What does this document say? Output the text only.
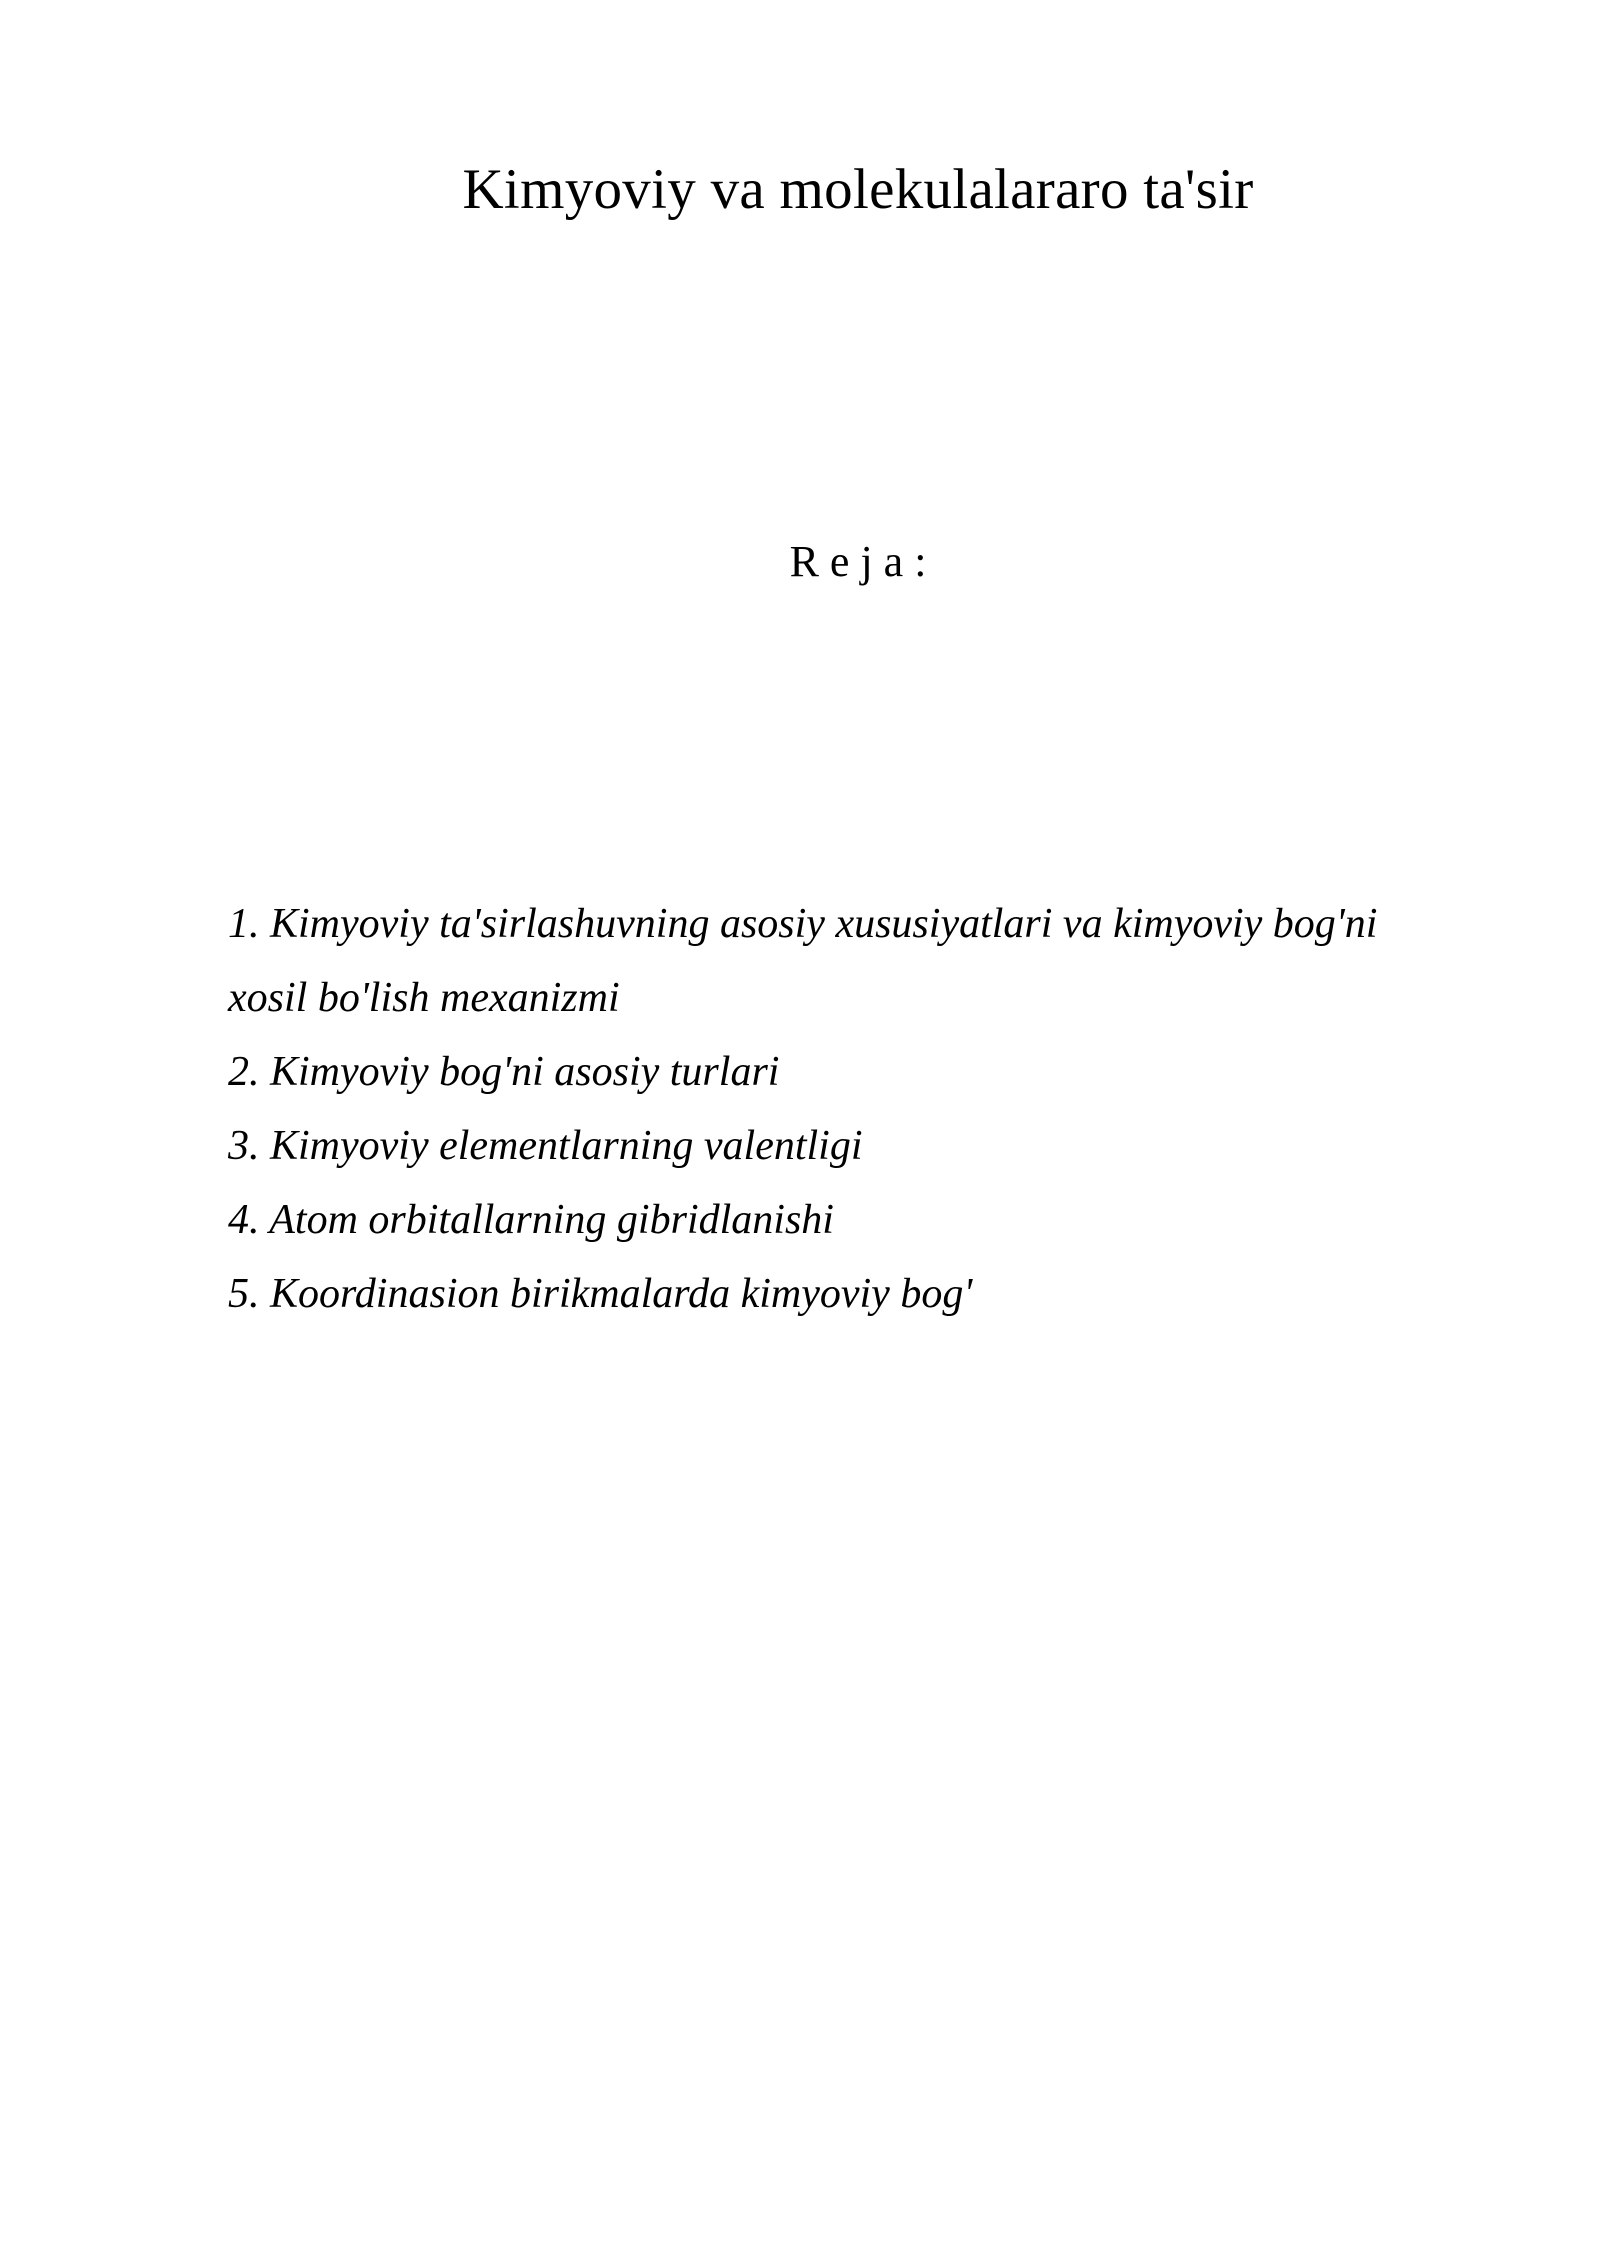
Kimyoviy va molekulalararo ta'sir
R e j a :
1. Kimyoviy ta'sirlashuvning asosiy xususiyatlari va kimyoviy bog'ni xosil bo'lish mexanizmi
2. Kimyoviy bog'ni asosiy turlari
3. Kimyoviy elementlarning valentligi
4. Atom orbitallarning gibridlanishi
5. Koordinasion birikmalarda kimyoviy bog'
